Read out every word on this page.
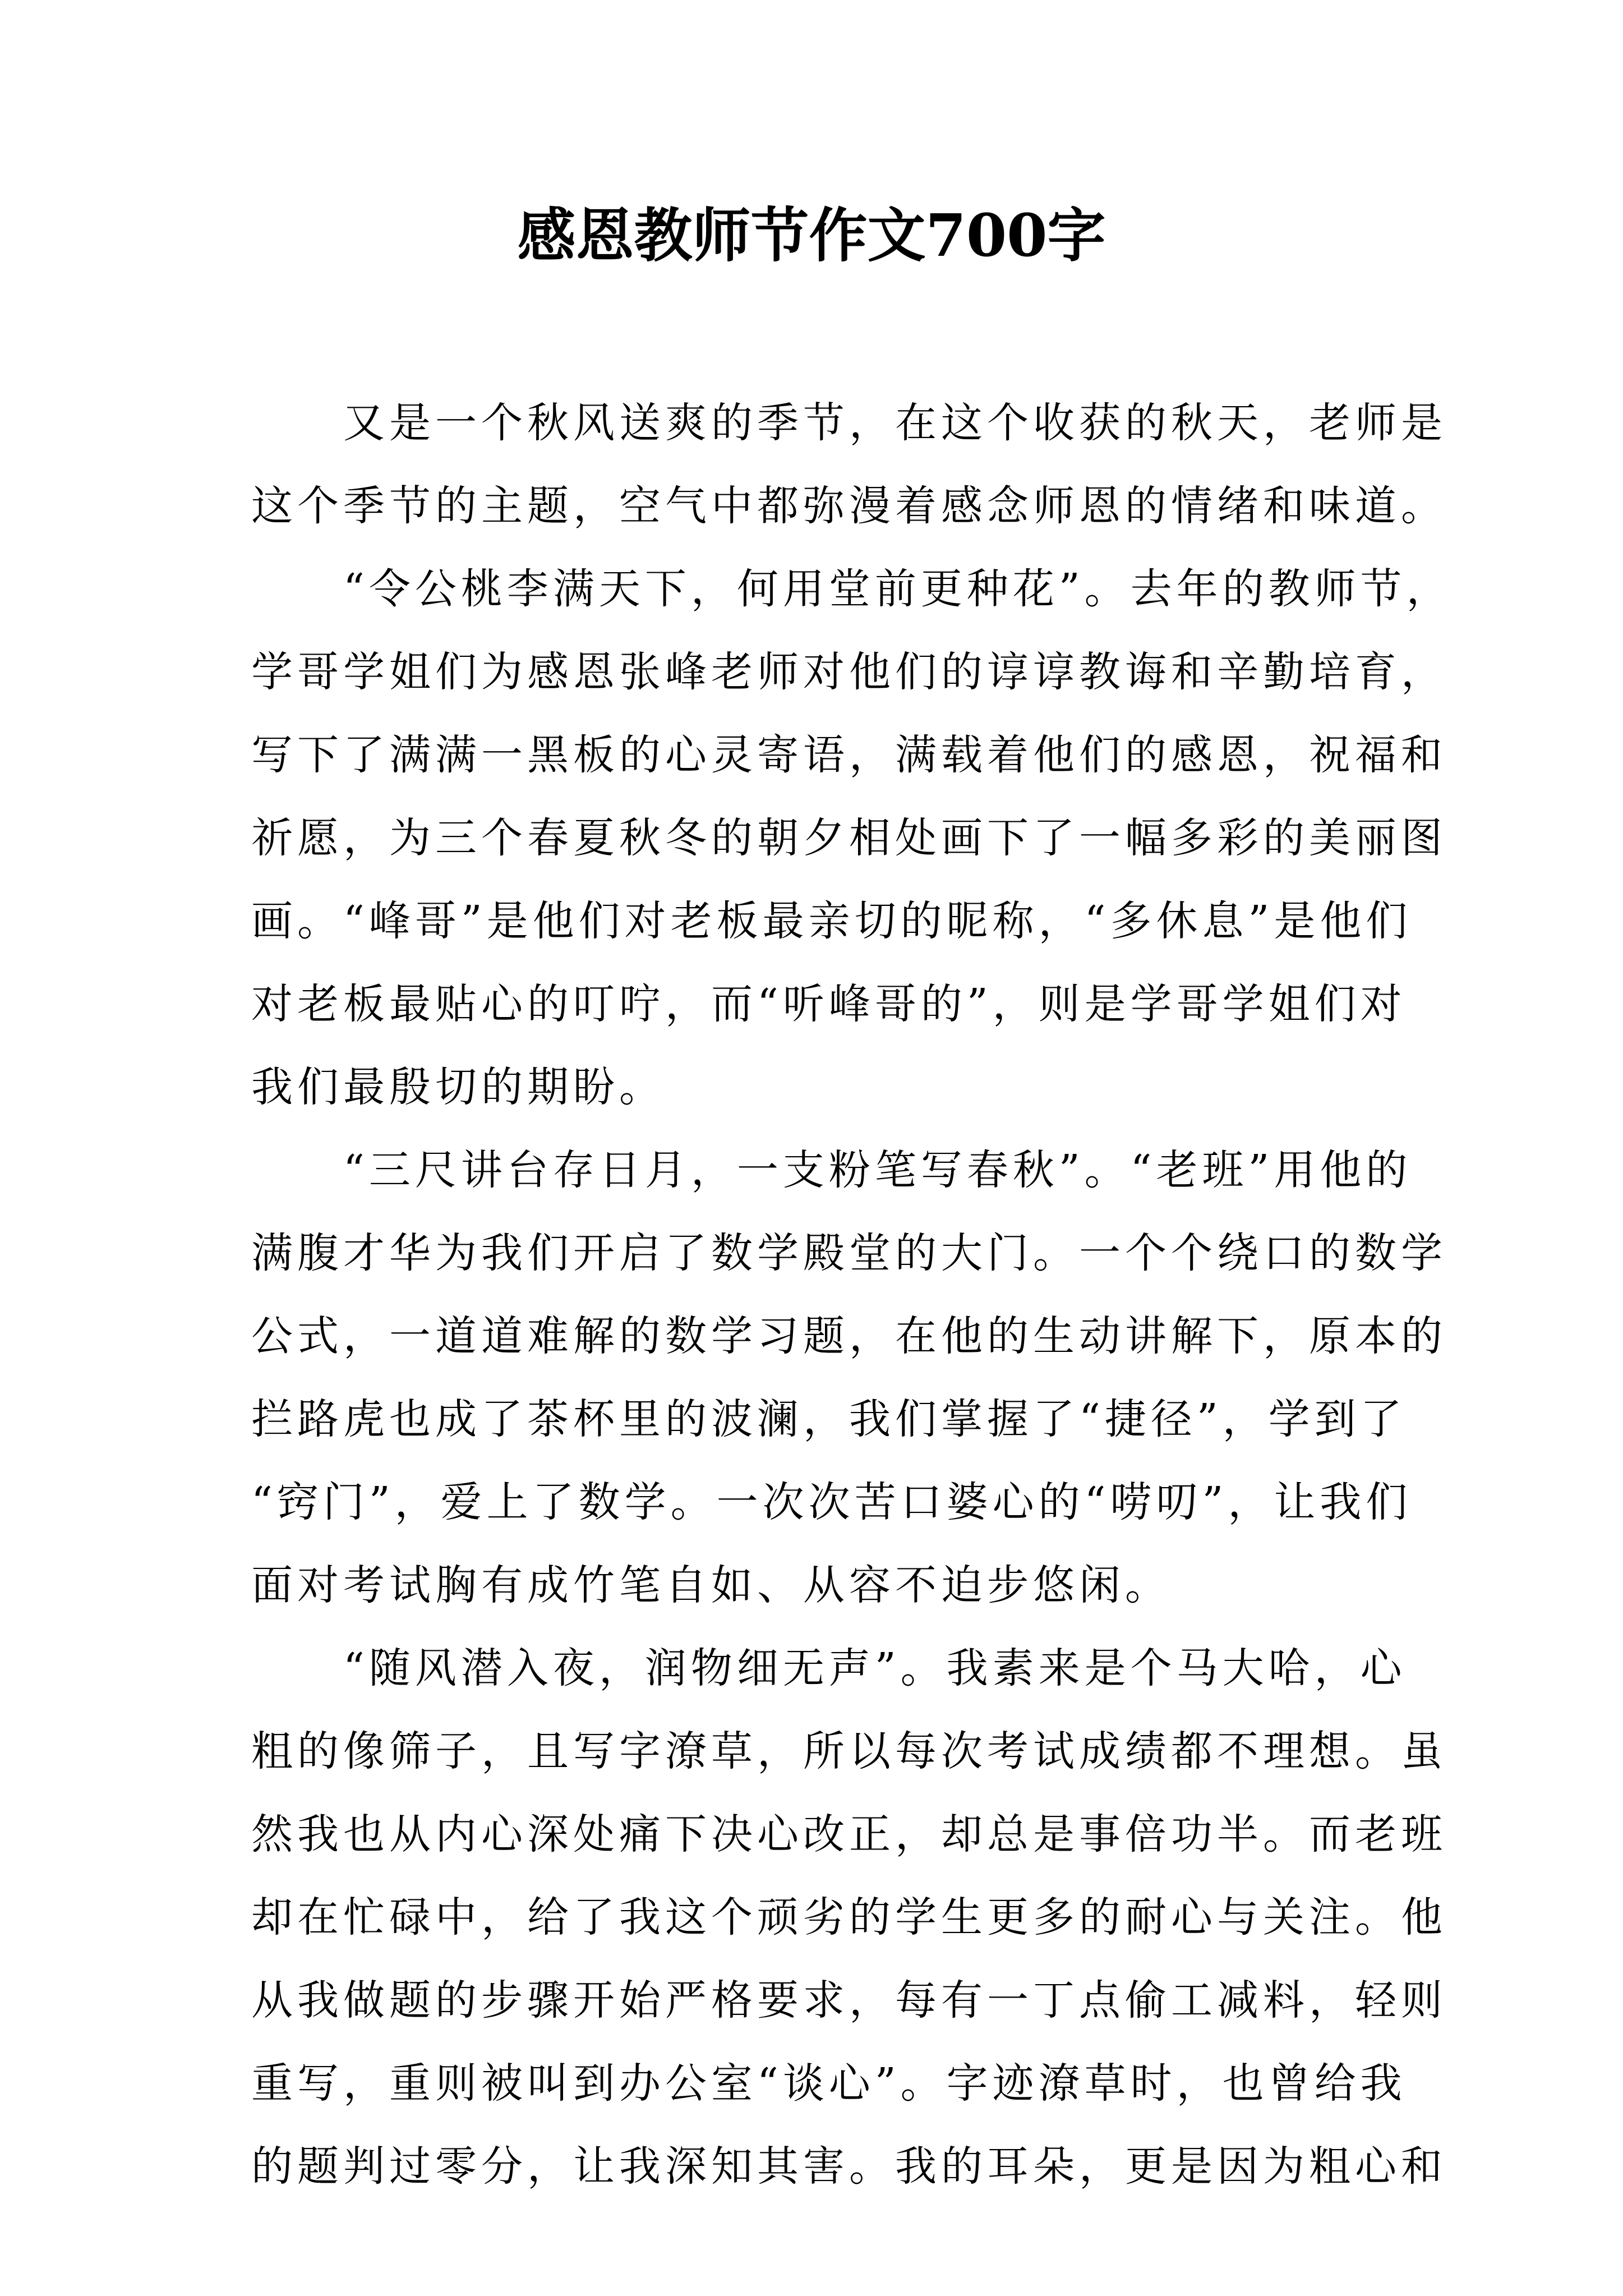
感恩教师节作文700字
　　又是一个秋风送爽的季节，在这个收获的秋天，老师是
这个季节的主题，空气中都弥漫着感念师恩的情绪和味道。
　　“令公桃李满天下，何用堂前更种花”。去年的教师节，
学哥学姐们为感恩张峰老师对他们的谆谆教诲和辛勤培育，
写下了满满一黑板的心灵寄语，满载着他们的感恩，祝福和
祈愿，为三个春夏秋冬的朝夕相处画下了一幅多彩的美丽图
画。“峰哥”是他们对老板最亲切的昵称，“多休息”是他们
对老板最贴心的叮咛，而“听峰哥的”，则是学哥学姐们对
我们最殷切的期盼。
　　“三尺讲台存日月，一支粉笔写春秋”。“老班”用他的
满腹才华为我们开启了数学殿堂的大门。一个个绕口的数学
公式，一道道难解的数学习题，在他的生动讲解下，原本的
拦路虎也成了茶杯里的波澜，我们掌握了“捷径”，学到了
“窍门”，爱上了数学。一次次苦口婆心的“唠叨”，让我们
面对考试胸有成竹笔自如、从容不迫步悠闲。
　　“随风潜入夜，润物细无声”。我素来是个马大哈，心
粗的像筛子，且写字潦草，所以每次考试成绩都不理想。虽
然我也从内心深处痛下决心改正，却总是事倍功半。而老班
却在忙碌中，给了我这个顽劣的学生更多的耐心与关注。他
从我做题的步骤开始严格要求，每有一丁点偷工减料，轻则
重写，重则被叫到办公室“谈心”。字迹潦草时，也曾给我
的题判过零分，让我深知其害。我的耳朵，更是因为粗心和
